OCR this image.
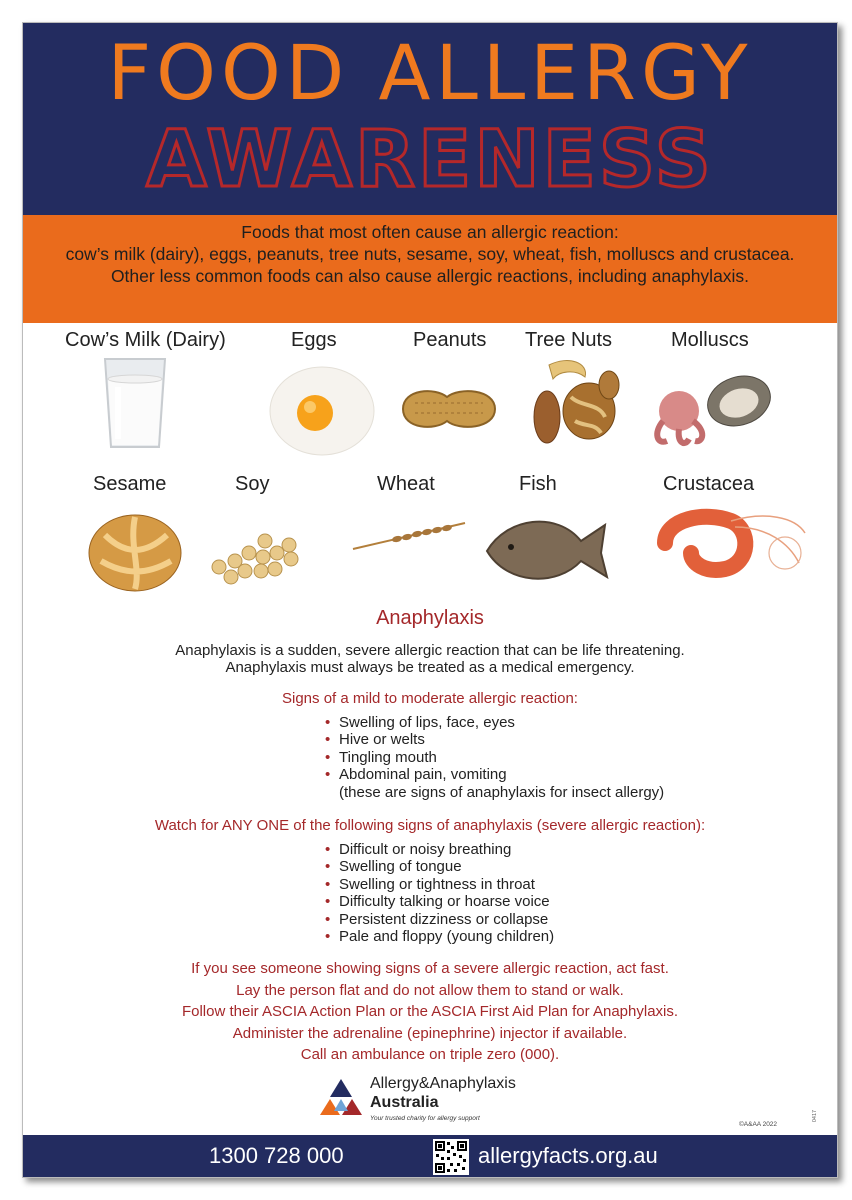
FOOD ALLERGY
AWARENESS
Foods that most often cause an allergic reaction:
cow’s milk (dairy), eggs, peanuts, tree nuts, sesame, soy, wheat, fish, molluscs and crustacea. Other less common foods can also cause allergic reactions, including anaphylaxis.
Cow’s Milk (Dairy)	Eggs	Peanuts Tree Nuts	Molluscs
Sesame	Soy	Wheat	Fish	Crustacea
Anaphylaxis
Anaphylaxis is a sudden, severe allergic reaction that can be life threatening.
Anaphylaxis must always be treated as a medical emergency.
Signs of a mild to moderate allergic reaction:
• Swelling of lips, face, eyes
• Hive or welts
• Tingling mouth
• Abdominal pain, vomiting
(these are signs of anaphylaxis for insect allergy)
Watch for ANY ONE of the following signs of anaphylaxis (severe allergic reaction):
• Difficult or noisy breathing
• Swelling of tongue
• Swelling or tightness in throat
• Difficulty talking or hoarse voice
• Persistent dizziness or collapse
• Pale and floppy (young children)
If you see someone showing signs of a severe allergic reaction, act fast.
Lay the person flat and do not allow them to stand or walk.
Follow their ASCIA Action Plan or the ASCIA First Aid Plan for Anaphylaxis.
Administer the adrenaline (epinephrine) injector if available.
Call an ambulance on triple zero (000).
Allergy&Anaphylaxis
Australia
Your trusted charity for allergy support
©A&AA 2022
0417
1300 728 000	allergyfacts.org.au
